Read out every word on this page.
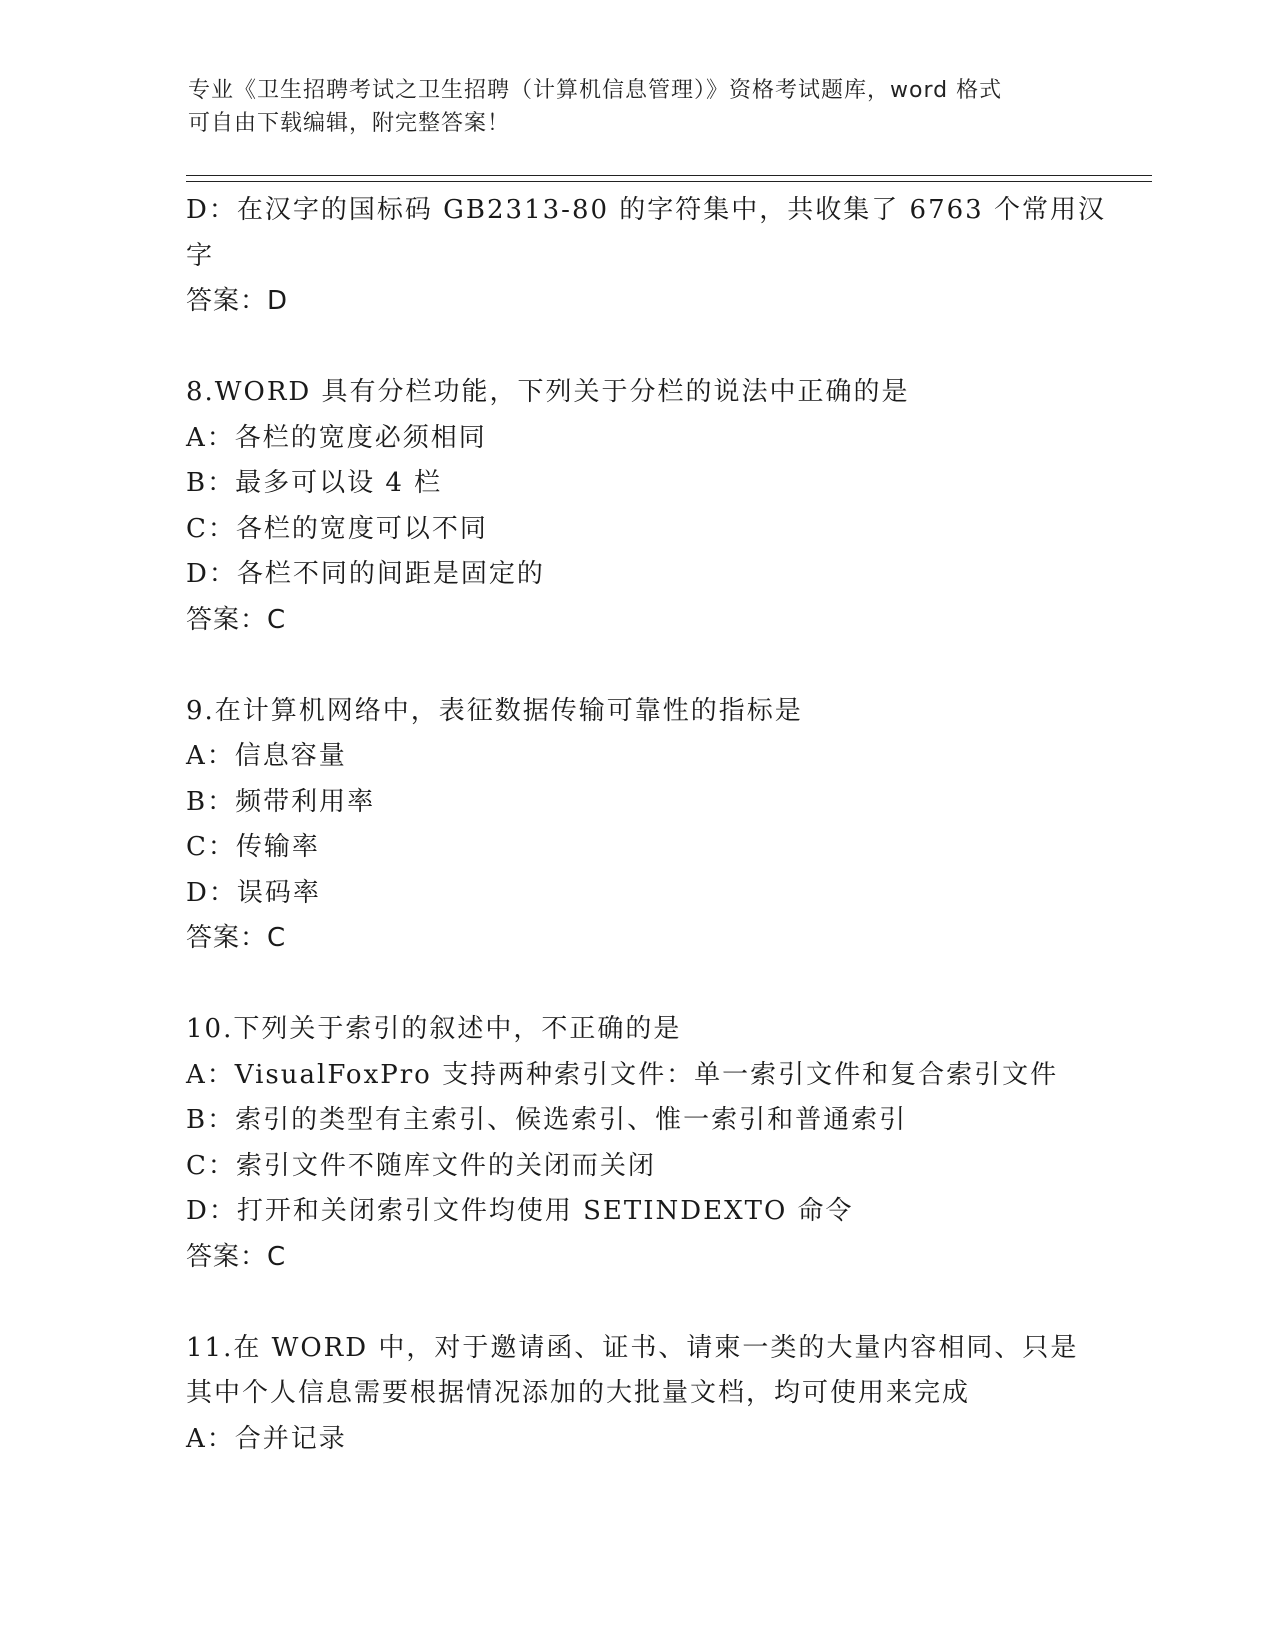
专业《卫生招聘考试之卫生招聘（计算机信息管理）》资格考试题库，word 格式
可自由下载编辑，附完整答案！
D：在汉字的国标码 GB2313-80 的字符集中，共收集了 6763 个常用汉
字
答案：D
8.WORD 具有分栏功能，下列关于分栏的说法中正确的是
A：各栏的宽度必须相同
B：最多可以设 4 栏
C：各栏的宽度可以不同
D：各栏不同的间距是固定的
答案：C
9.在计算机网络中，表征数据传输可靠性的指标是
A：信息容量
B：频带利用率
C：传输率
D：误码率
答案：C
10.下列关于索引的叙述中，不正确的是
A：VisualFoxPro 支持两种索引文件：单一索引文件和复合索引文件
B：索引的类型有主索引、候选索引、惟一索引和普通索引
C：索引文件不随库文件的关闭而关闭
D：打开和关闭索引文件均使用 SETINDEXTO 命令
答案：C
11.在 WORD 中，对于邀请函、证书、请柬一类的大量内容相同、只是
其中个人信息需要根据情况添加的大批量文档，均可使用来完成
A：合并记录
